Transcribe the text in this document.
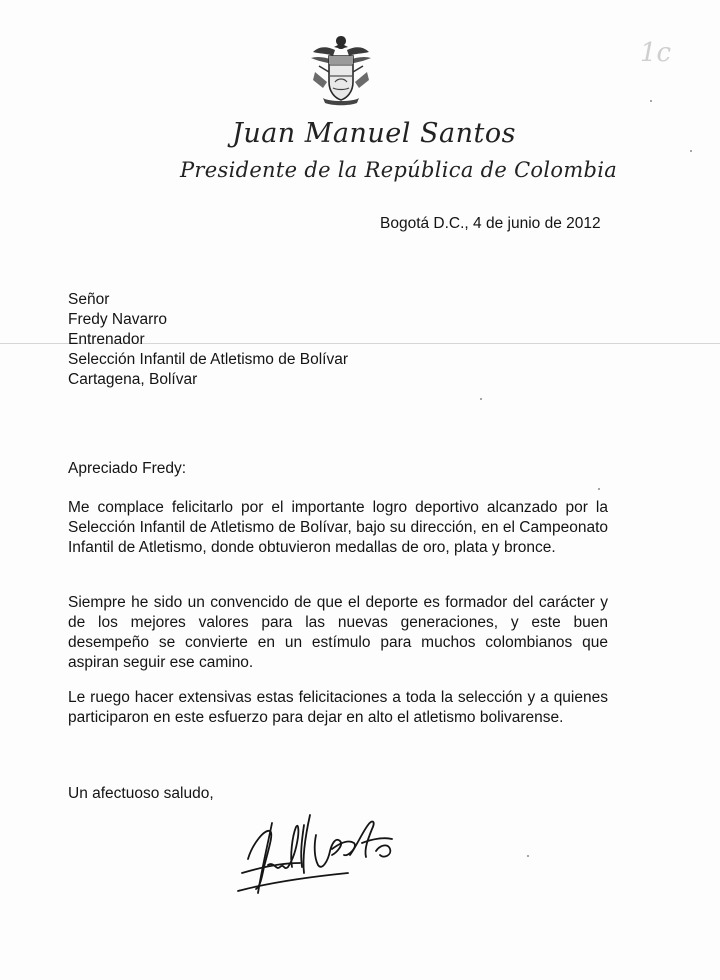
1c
Juan Manuel Santos
Presidente de la República de Colombia
Bogotá D.C., 4 de junio de 2012
Señor
Fredy Navarro
Entrenador
Selección Infantil de Atletismo de Bolívar
Cartagena, Bolívar
Apreciado Fredy:

Me complace felicitarlo por el importante logro deportivo alcanzado por la Selección Infantil de Atletismo de Bolívar, bajo su dirección, en el Campeonato Infantil de Atletismo, donde obtuvieron medallas de oro, plata y bronce.

Siempre he sido un convencido de que el deporte es formador del carácter y de los mejores valores para las nuevas generaciones, y este buen desempeño se convierte en un estímulo para muchos colombianos que aspiran seguir ese camino.

Le ruego hacer extensivas estas felicitaciones a toda la selección y a quienes participaron en este esfuerzo para dejar en alto el atletismo bolivarense.

Un afectuoso saludo,
